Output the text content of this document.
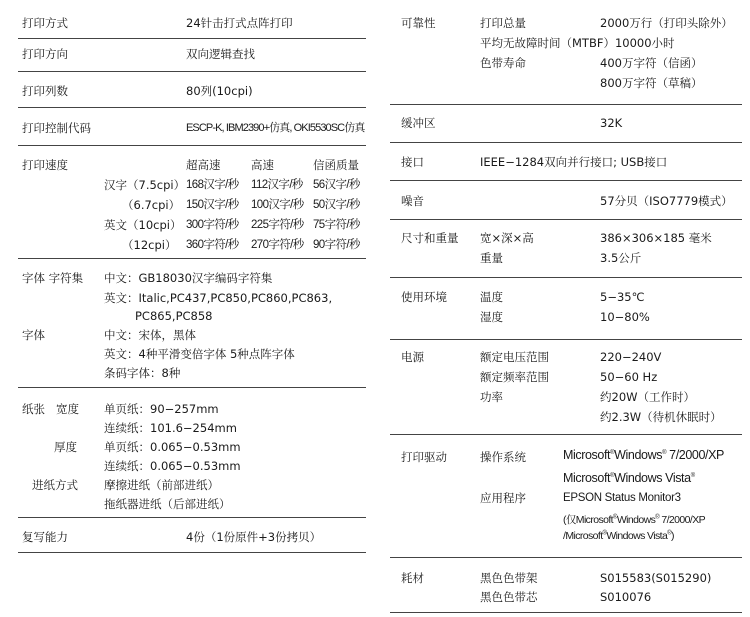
打印方式	24针击打式点阵打印
打印方向	双向逻辑查找
打印列数	80列(10cpi)
打印控制代码	ESCP-K, IBM2390+仿真, OKI5530SC仿真
打印速度	超高速	高速	信函质量
汉字（7.5cpi） 168汉字/秒 112汉字/秒 56汉字/秒
（6.7cpi） 150汉字/秒 100汉字/秒 50汉字/秒
英文（10cpi） 300字符/秒 225字符/秒 75字符/秒
（12cpi） 360字符/秒 270字符/秒 90字符/秒
字体 字符集 中文：GB18030汉字编码字符集
英文：Italic,PC437,PC850,PC860,PC863,
PC865,PC858
字体	中文：宋体，黑体
英文：4种平滑变倍字体 5种点阵字体
条码字体：8种
纸张 宽度 单页纸：90−257mm
连续纸：101.6−254mm
厚度 单页纸：0.065−0.53mm
连续纸：0.065−0.53mm
进纸方式 摩擦进纸（前部进纸）
拖纸器进纸（后部进纸）
复写能力	4份（1份原件+3份拷贝）
可靠性	打印总量	2000万行（打印头除外）
平均无故障时间（MTBF）10000小时
色带寿命	400万字符（信函）
800万字符（草稿）
缓冲区	32K
接口	IEEE−1284双向并行接口; USB接口
噪音	57分贝（ISO7779模式）
尺寸和重量 宽×深×高	386×306×185 毫米
重量	3.5公斤
使用环境	温度	5−35℃
湿度	10−80%
电源	额定电压范围	220−240V
额定频率范围	50−60 Hz
功率	约20W（工作时）
约2.3W（待机休眠时）
打印驱动	操作系统	Microsoft®Windows® 7/2000/XP
Microsoft®Windows Vista®
应用程序	EPSON Status Monitor3
(仅Microsoft®Windows® 7/2000/XP
/Microsoft®Windows Vista®)
耗材	黑色色带架	S015583(S015290)
黑色色带芯	S010076
